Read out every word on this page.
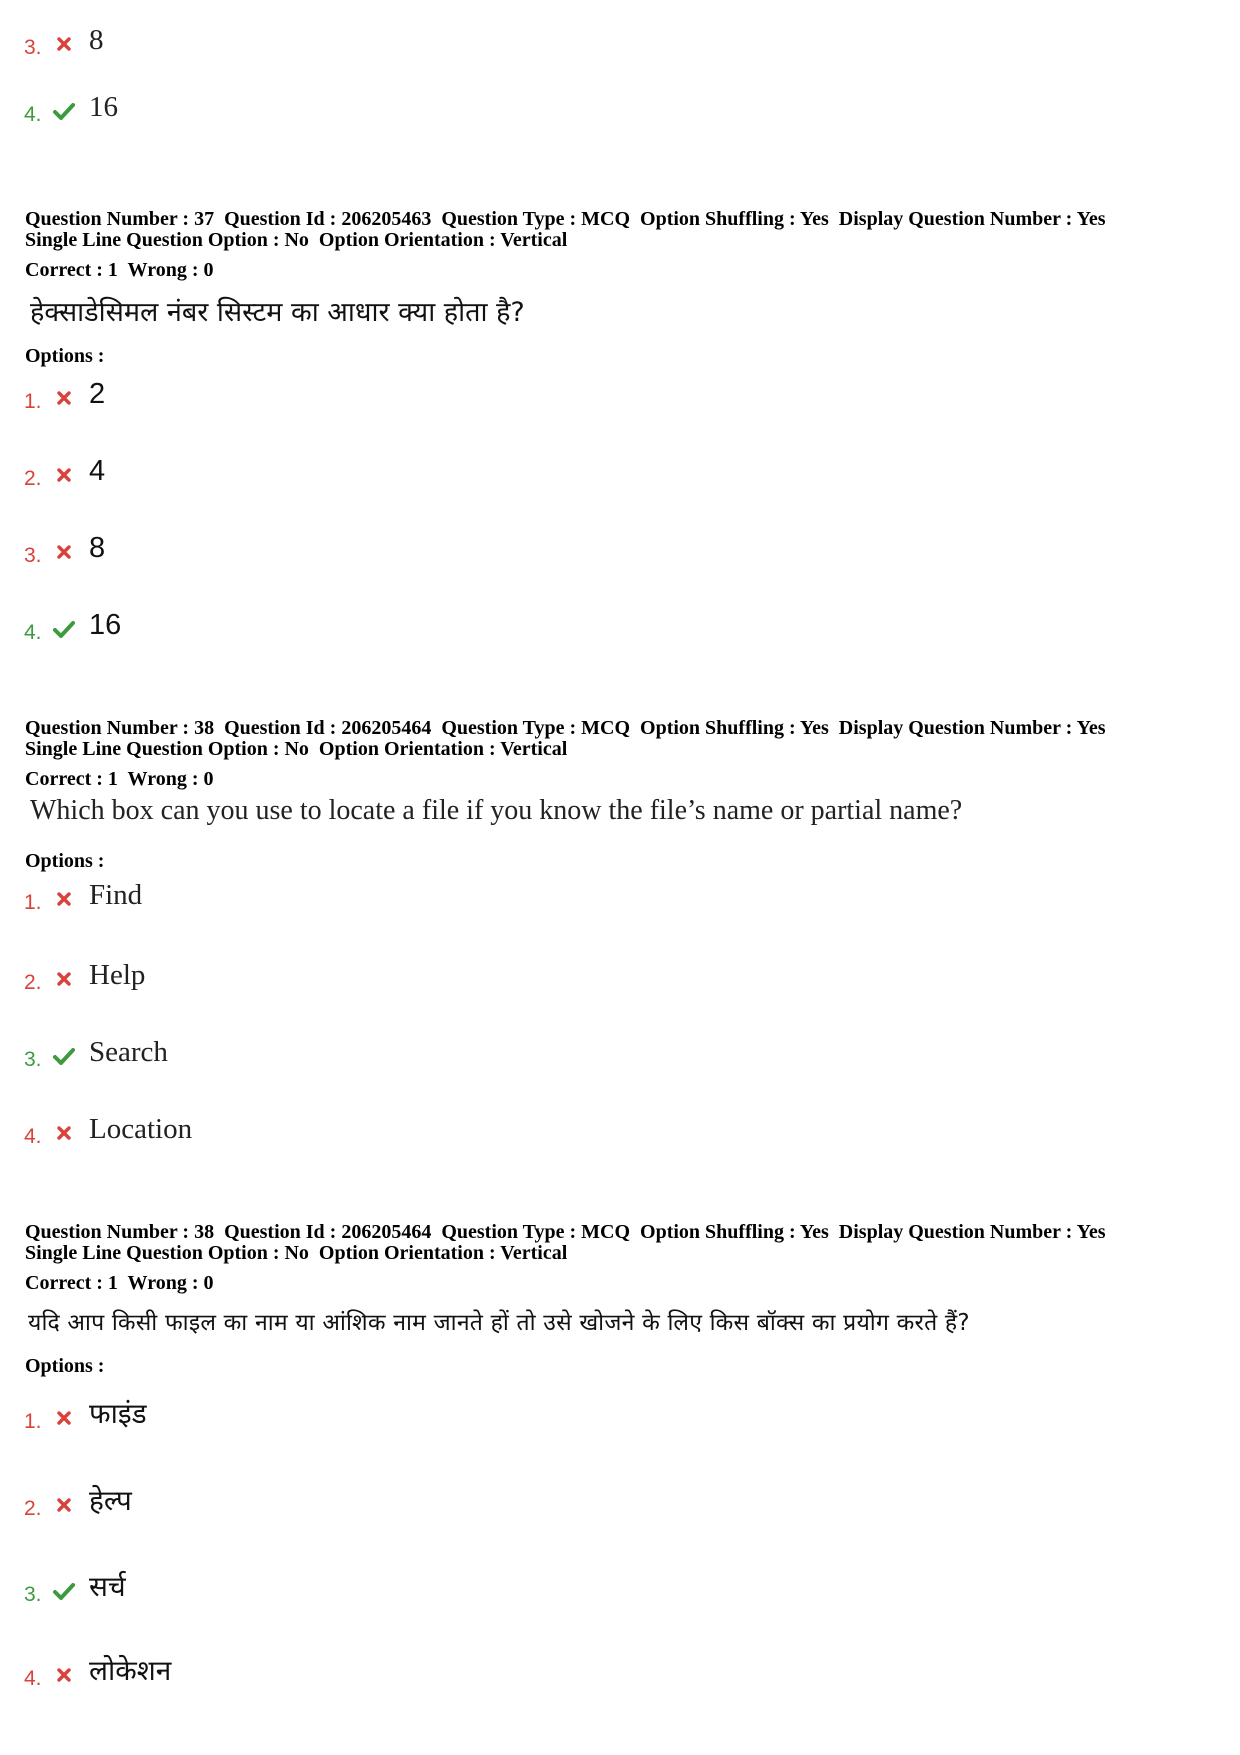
3.	8
4.	16
Question Number : 37  Question Id : 206205463  Question Type : MCQ  Option Shuffling : Yes  Display Question Number : Yes
Single Line Question Option : No  Option Orientation : Vertical
Correct : 1  Wrong : 0
हेक्साडेसिमल नंबर सिस्टम का आधार क्या होता है?
Options :
1.	2
2.	4
3.	8
4.	16
Question Number : 38  Question Id : 206205464  Question Type : MCQ  Option Shuffling : Yes  Display Question Number : Yes
Single Line Question Option : No  Option Orientation : Vertical
Correct : 1  Wrong : 0
Which box can you use to locate a file if you know the file’s name or partial name?
Options :
1.	Find
2.	Help
3.	Search
4.	Location
Question Number : 38  Question Id : 206205464  Question Type : MCQ  Option Shuffling : Yes  Display Question Number : Yes
Single Line Question Option : No  Option Orientation : Vertical
Correct : 1  Wrong : 0
यदि आप किसी फाइल का नाम या आंशिक नाम जानते हों तो उसे खोजने के लिए किस बॉक्स का प्रयोग करते हैं?
Options :
1.	फाइंड
2.	हेल्प
3.	सर्च
4.	लोकेशन
